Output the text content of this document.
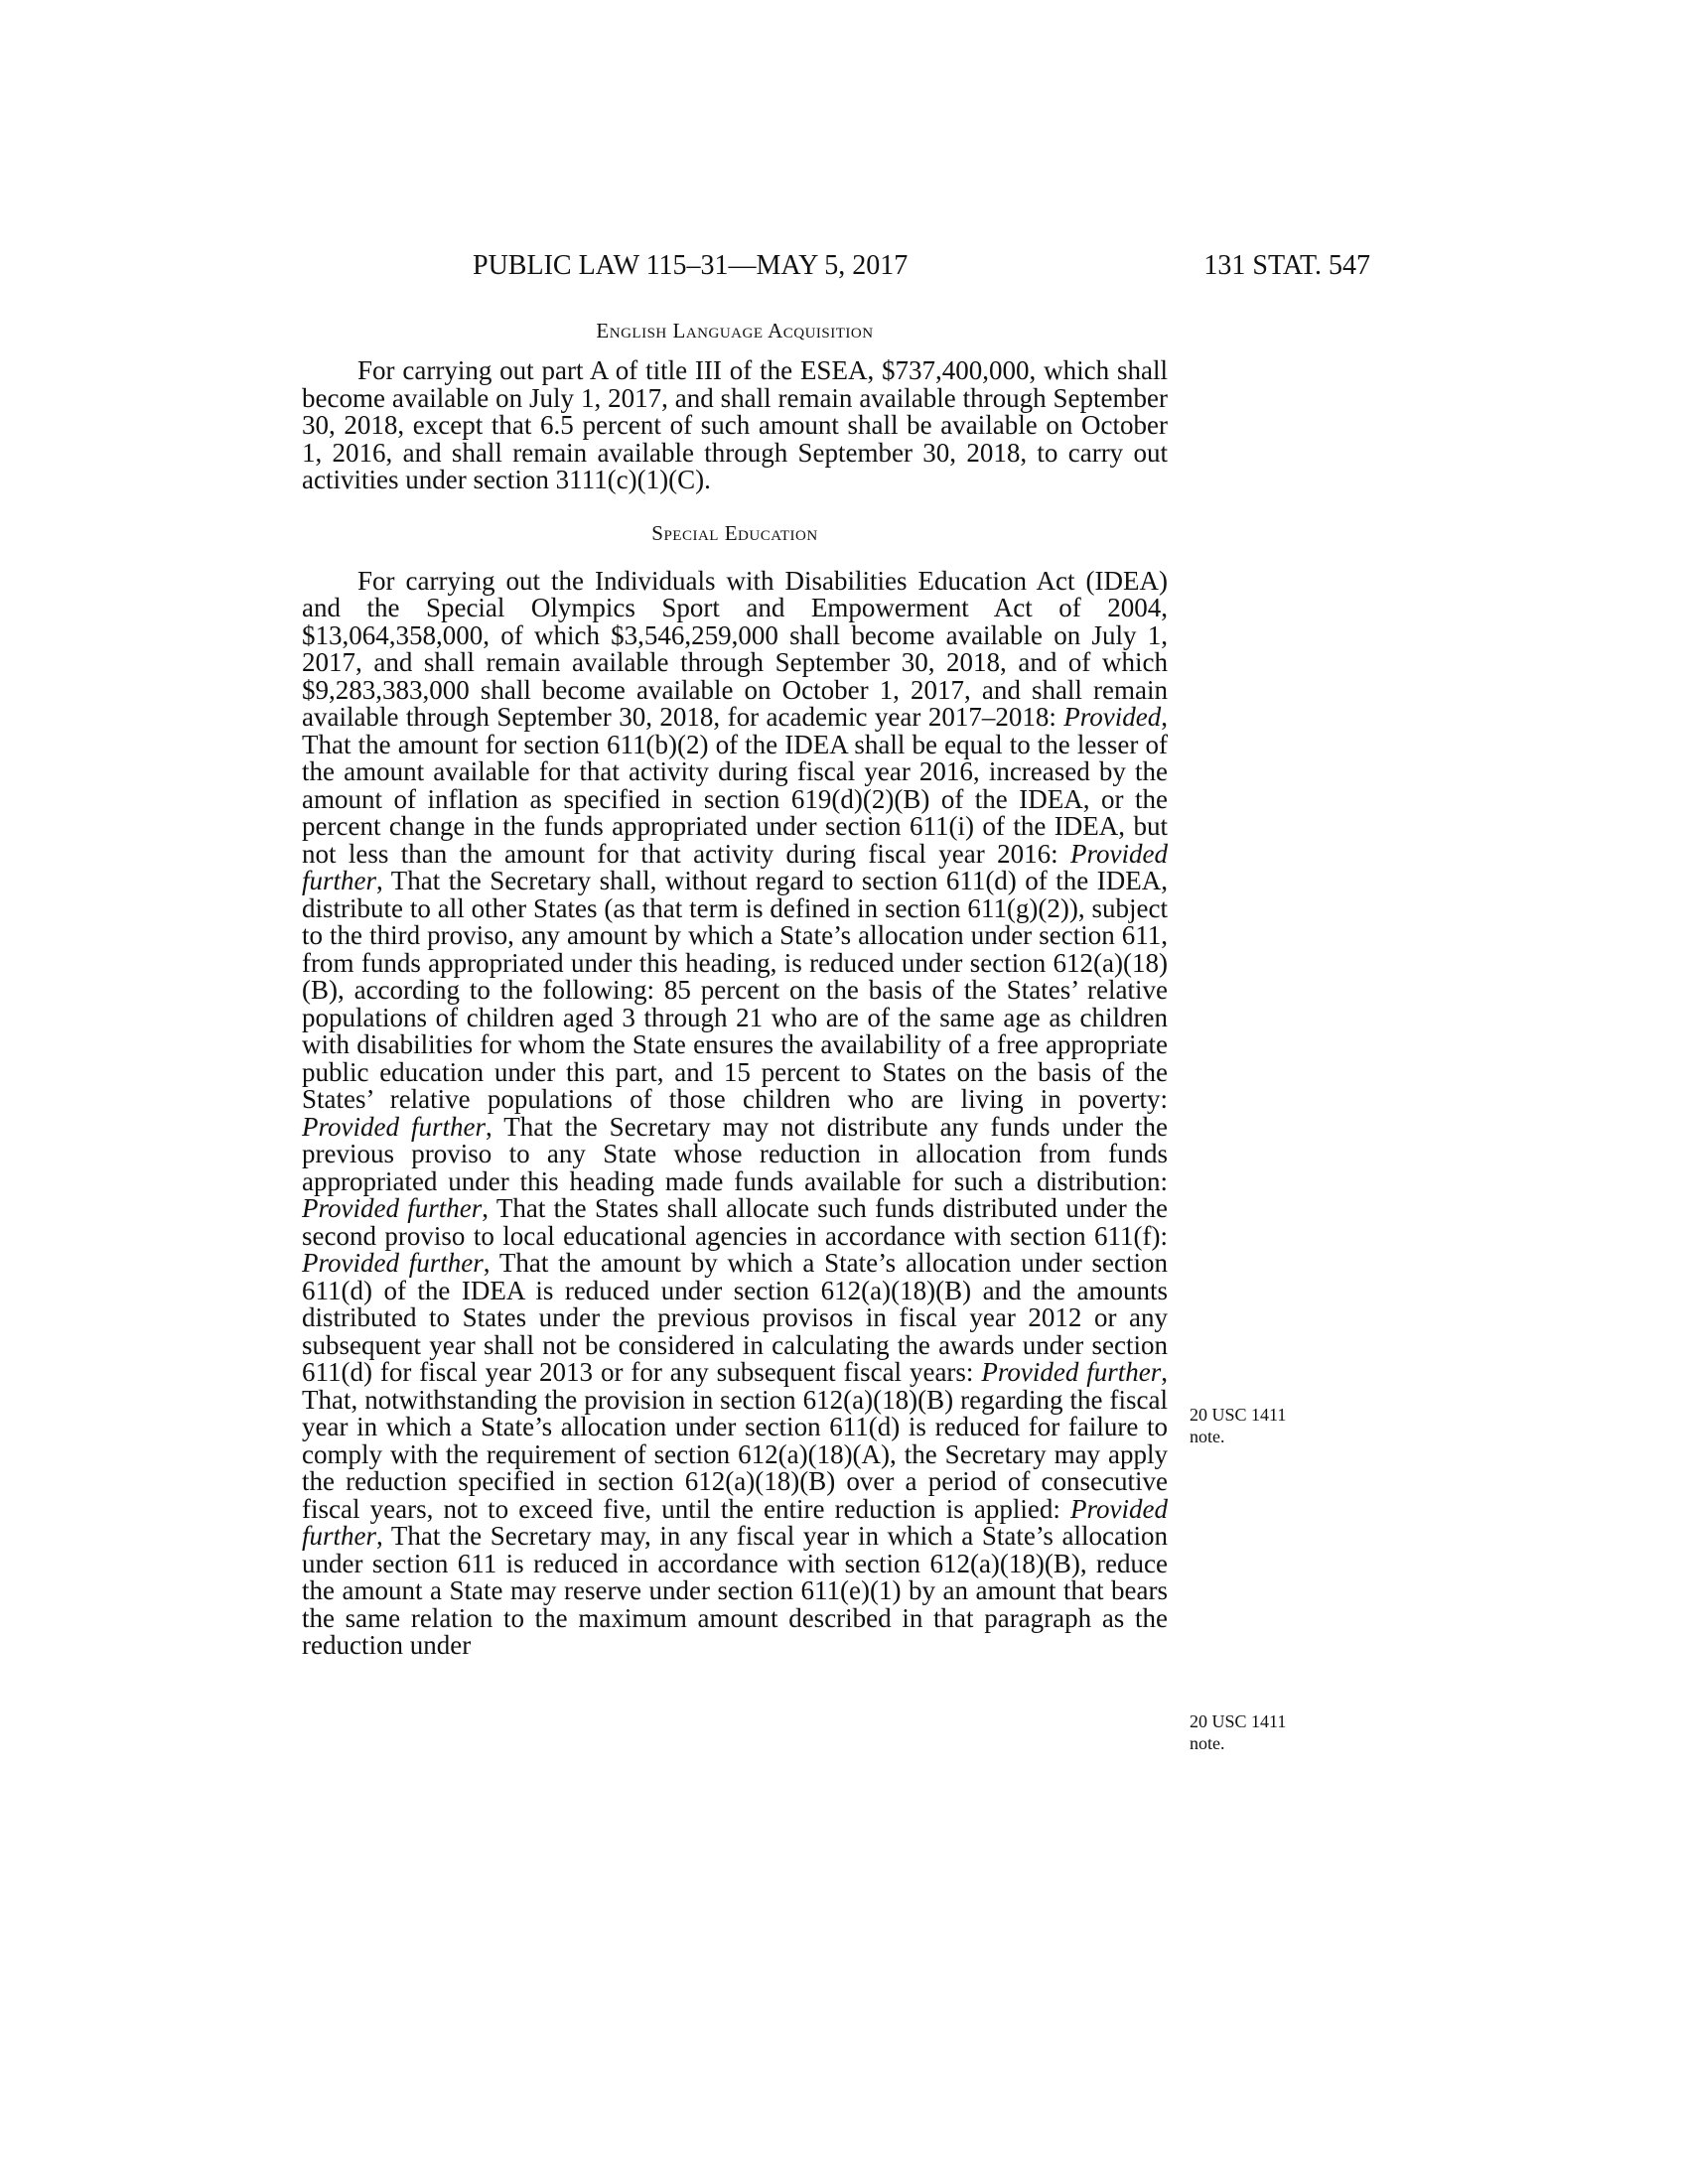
PUBLIC LAW 115–31—MAY 5, 2017	131 STAT. 547

English Language Acquisition

For carrying out part A of title III of the ESEA, $737,400,000, which shall become available on July 1, 2017, and shall remain available through September 30, 2018, except that 6.5 percent of such amount shall be available on October 1, 2016, and shall remain available through September 30, 2018, to carry out activities under section 3111(c)(1)(C).

Special Education

For carrying out the Individuals with Disabilities Education Act (IDEA) and the Special Olympics Sport and Empowerment Act of 2004, $13,064,358,000, of which $3,546,259,000 shall become available on July 1, 2017, and shall remain available through September 30, 2018, and of which $9,283,383,000 shall become available on October 1, 2017, and shall remain available through September 30, 2018, for academic year 2017–2018: Provided, That the amount for section 611(b)(2) of the IDEA shall be equal to the lesser of the amount available for that activity during fiscal year 2016, increased by the amount of inflation as specified in section 619(d)(2)(B) of the IDEA, or the percent change in the funds appropriated under section 611(i) of the IDEA, but not less than the amount for that activity during fiscal year 2016: Provided further, That the Secretary shall, without regard to section 611(d) of the IDEA, distribute to all other States (as that term is defined in section 611(g)(2)), subject to the third proviso, any amount by which a State’s allocation under section 611, from funds appropriated under this heading, is reduced under section 612(a)(18)(B), according to the following: 85 percent on the basis of the States’ relative populations of children aged 3 through 21 who are of the same age as children with disabilities for whom the State ensures the availability of a free appropriate public education under this part, and 15 percent to States on the basis of the States’ relative populations of those children who are living in poverty: Provided further, That the Secretary may not distribute any funds under the previous proviso to any State whose reduction in allocation from funds appropriated under this heading made funds available for such a distribution: Provided further, That the States shall allocate such funds distributed under the second proviso to local educational agencies in accordance with section 611(f): Provided further, That the amount by which a State’s allocation under section 611(d) of the IDEA is reduced under section 612(a)(18)(B) and the amounts distributed to States under the previous provisos in fiscal year 2012 or any subsequent year shall not be considered in calculating the awards under section 611(d) for fiscal year 2013 or for any subsequent fiscal years: Provided further, That, notwithstanding the provision in section 612(a)(18)(B) regarding the fiscal year in which a State’s allocation under section 611(d) is reduced for failure to comply with the requirement of section 612(a)(18)(A), the Secretary may apply the reduction specified in section 612(a)(18)(B) over a period of consecutive fiscal years, not to exceed five, until the entire reduction is applied: Provided further, That the Secretary may, in any fiscal year in which a State’s allocation under section 611 is reduced in accordance with section 612(a)(18)(B), reduce the amount a State may reserve under section 611(e)(1) by an amount that bears the same relation to the maximum amount described in that paragraph as the reduction under

20 USC 1411
note.
20 USC 1411
note.
